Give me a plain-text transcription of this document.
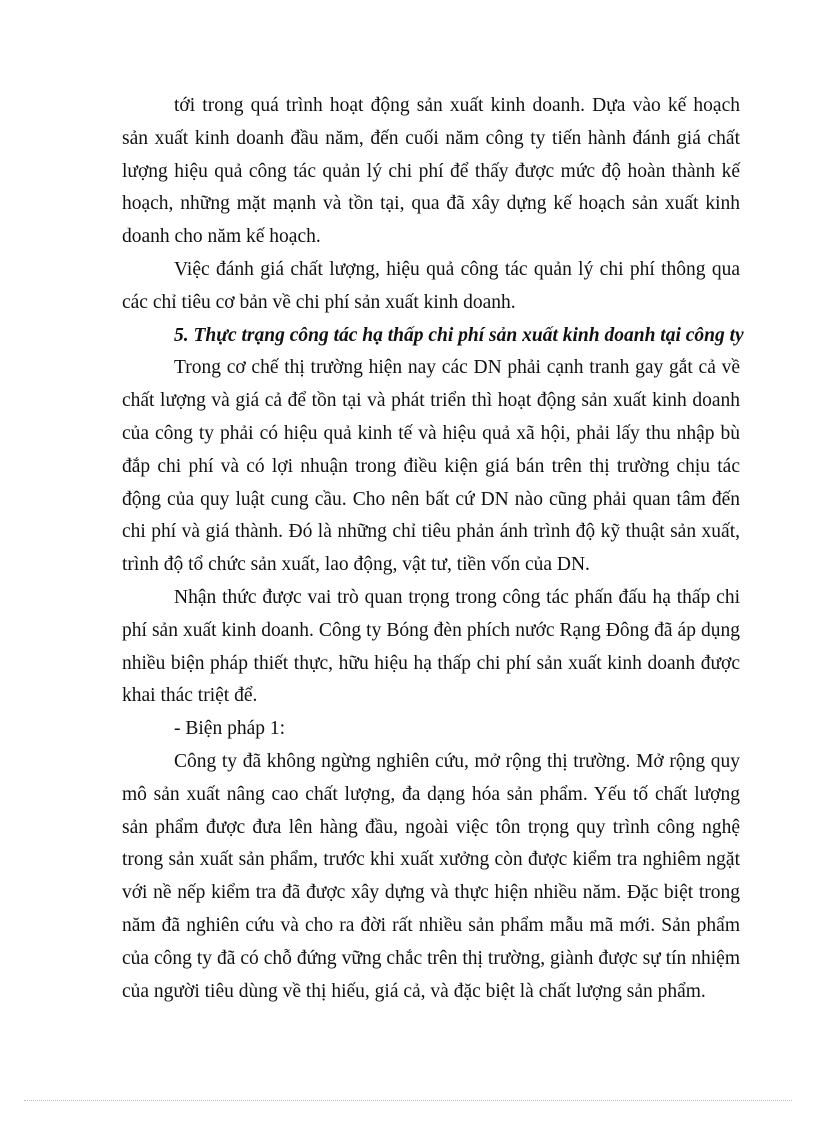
tới trong quá trình hoạt động sản xuất kinh doanh. Dựa vào kế hoạch sản xuất kinh doanh đầu năm, đến cuối năm công ty tiến hành đánh giá chất lượng hiệu quả công tác quản lý chi phí để thấy được mức độ hoàn thành kế hoạch, những mặt mạnh và tồn tại, qua đã xây dựng kế hoạch sản xuất kinh doanh cho năm kế hoạch.

Việc đánh giá chất lượng, hiệu quả công tác quản lý chi phí thông qua các chỉ tiêu cơ bản về chi phí sản xuất kinh doanh.

5. Thực trạng công tác hạ thấp chi phí sản xuất kinh doanh tại công ty

Trong cơ chế thị trường hiện nay các DN phải cạnh tranh gay gắt cả về chất lượng và giá cả để tồn tại và phát triển thì hoạt động sản xuất kinh doanh của công ty phải có hiệu quả kinh tế và hiệu quả xã hội, phải lấy thu nhập bù đắp chi phí và có lợi nhuận trong điều kiện giá bán trên thị trường chịu tác động của quy luật cung cầu. Cho nên bất cứ DN nào cũng phải quan tâm đến chi phí và giá thành. Đó là những chỉ tiêu phản ánh trình độ kỹ thuật sản xuất, trình độ tổ chức sản xuất, lao động, vật tư, tiền vốn của DN.

Nhận thức được vai trò quan trọng trong công tác phấn đấu hạ thấp chi phí sản xuất kinh doanh. Công ty Bóng đèn phích nước Rạng Đông đã áp dụng nhiều biện pháp thiết thực, hữu hiệu hạ thấp chi phí sản xuất kinh doanh được khai thác triệt để.

- Biện pháp 1:

Công ty đã không ngừng nghiên cứu, mở rộng thị trường. Mở rộng quy mô sản xuất nâng cao chất lượng, đa dạng hóa sản phẩm. Yếu tố chất lượng sản phẩm được đưa lên hàng đầu, ngoài việc tôn trọng quy trình công nghệ trong sản xuất sản phẩm, trước khi xuất xưởng còn được kiểm tra nghiêm ngặt với nề nếp kiểm tra đã được xây dựng và thực hiện nhiều năm. Đặc biệt trong năm đã nghiên cứu và cho ra đời rất nhiều sản phẩm mẫu mã mới. Sản phẩm của công ty đã có chỗ đứng vững chắc trên thị trường, giành được sự tín nhiệm của người tiêu dùng về thị hiếu, giá cả, và đặc biệt là chất lượng sản phẩm.
